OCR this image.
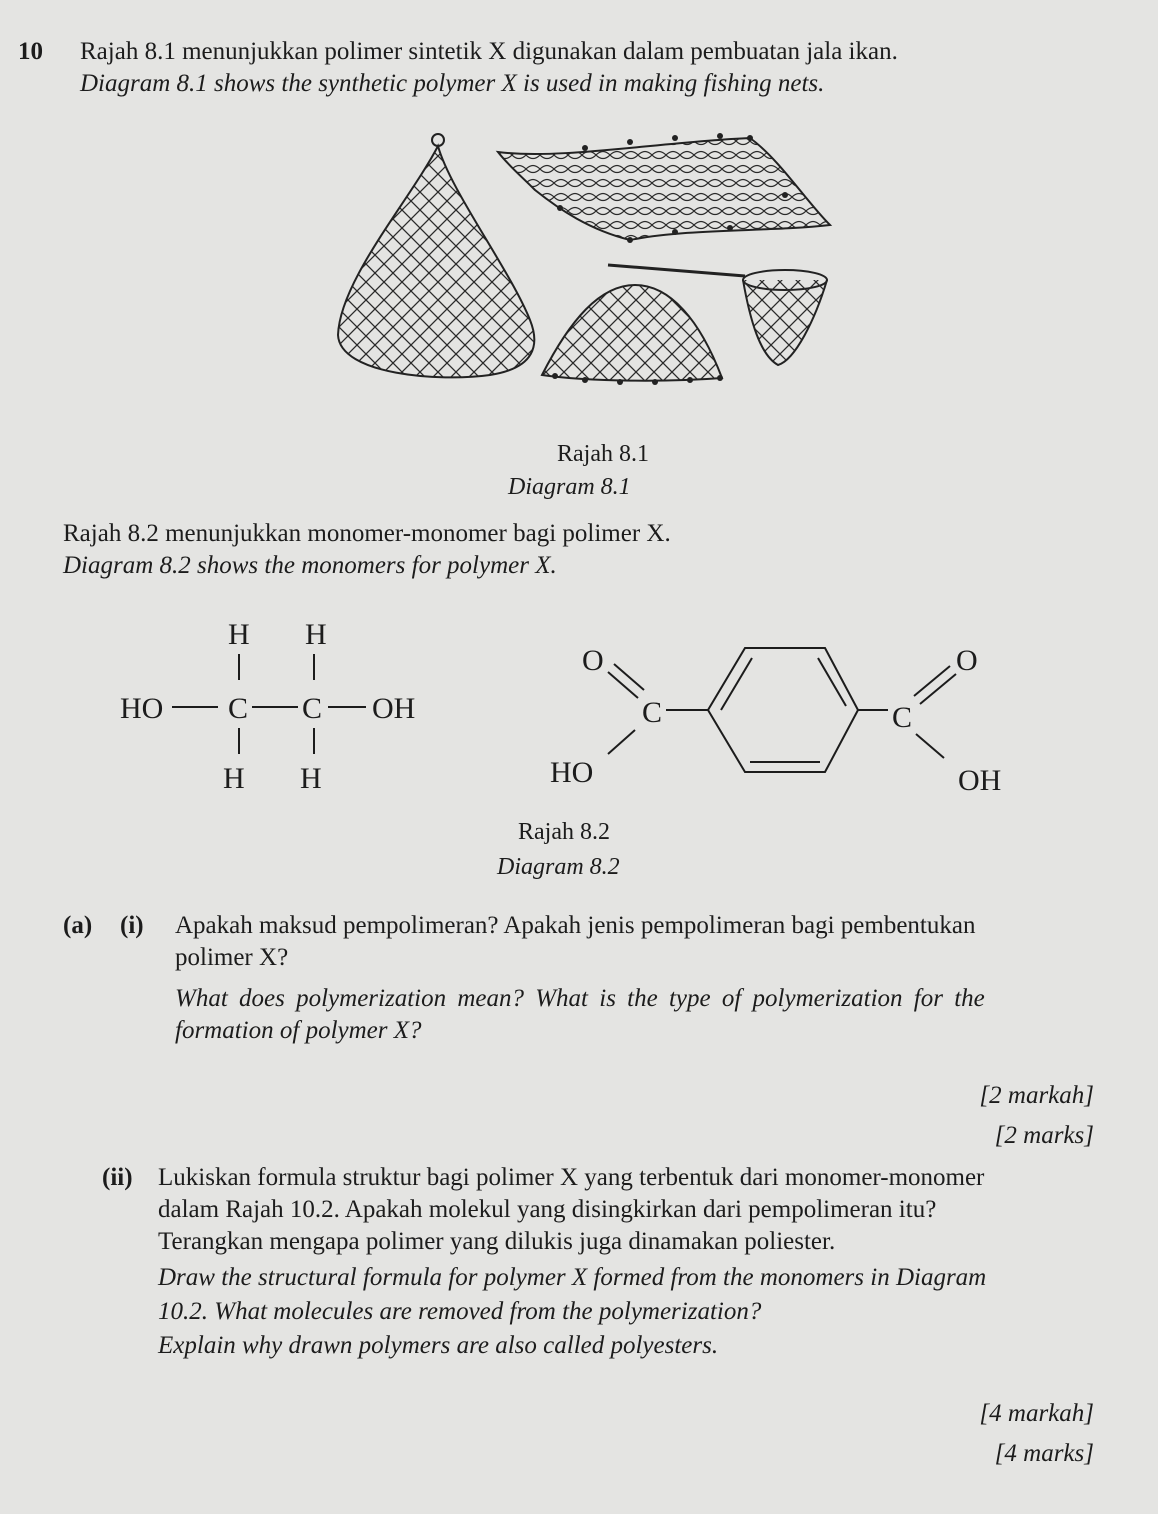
10 Rajah 8.1 menunjukkan polimer sintetik X digunakan dalam pembuatan jala ikan.
Diagram 8.1 shows the synthetic polymer X is used in making fishing nets.
Rajah 8.1
Diagram 8.1
Rajah 8.2 menunjukkan monomer-monomer bagi polimer X.
Diagram 8.2 shows the monomers for polymer X.
H H
HO C C OH
H H
O
C
HO
C
O
OH
Rajah 8.2
Diagram 8.2
(a) (i) Apakah maksud pempolimeran? Apakah jenis pempolimeran bagi pembentukan
polimer X?
What does polymerization mean? What is the type of polymerization for the
formation of polymer X?
[2 markah]
[2 marks]
(ii) Lukiskan formula struktur bagi polimer X yang terbentuk dari monomer-monomer
dalam Rajah 10.2. Apakah molekul yang disingkirkan dari pempolimeran itu?
Terangkan mengapa polimer yang dilukis juga dinamakan poliester.
Draw the structural formula for polymer X formed from the monomers in Diagram
10.2. What molecules are removed from the polymerization?
Explain why drawn polymers are also called polyesters.
[4 markah]
[4 marks]
